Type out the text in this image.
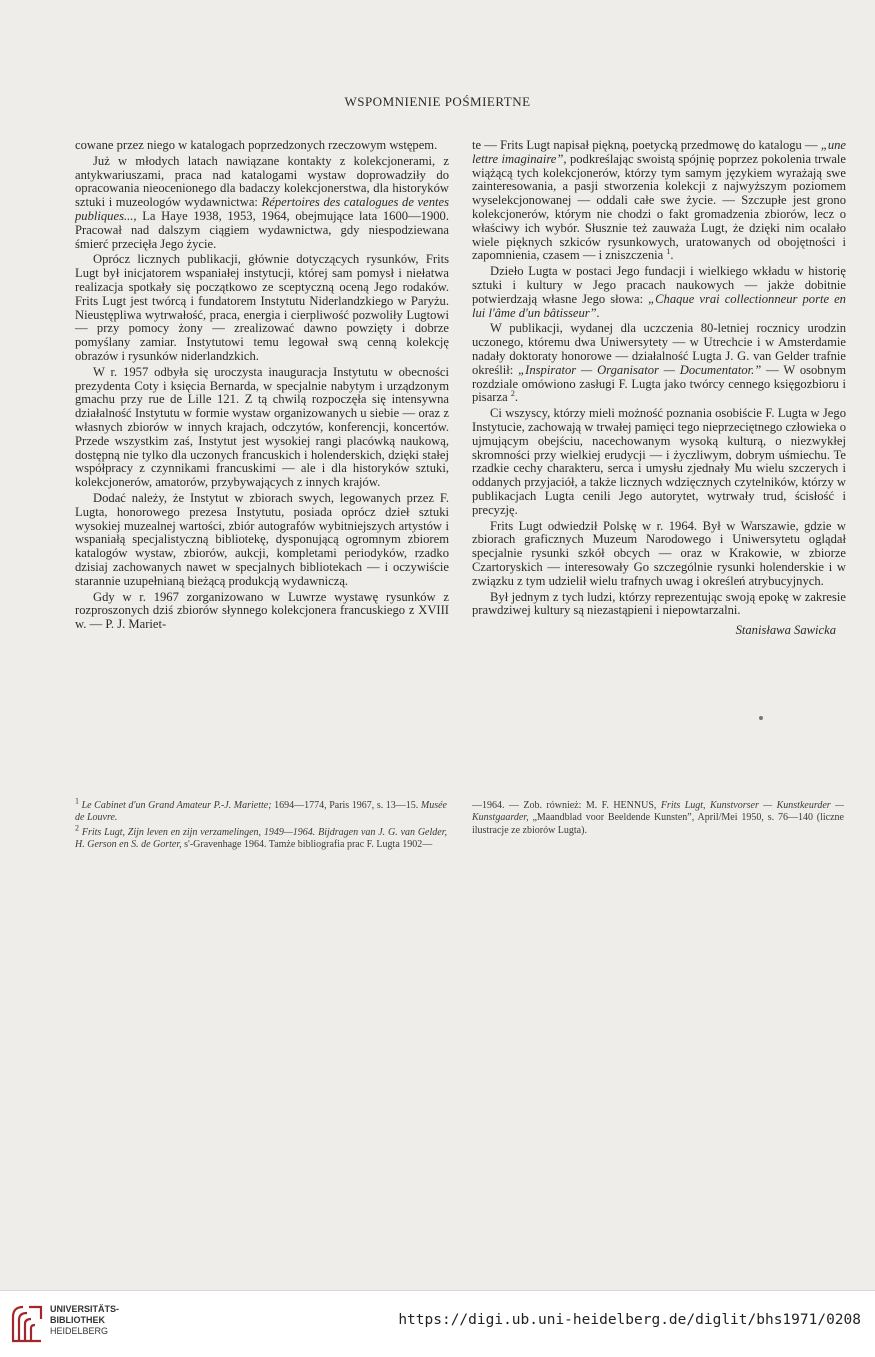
WSPOMNIENIE POŚMIERTNE

cowane przez niego w katalogach poprzedzonych rzeczowym wstępem.

Już w młodych latach nawiązane kontakty z kolekcjonerami, z antykwariuszami, praca nad katalogami wystaw doprowadziły do opracowania nieocenionego dla badaczy kolekcjonerstwa, dla historyków sztuki i muzeologów wydawnictwa: Répertoires des catalogues de ventes publiques..., La Haye 1938, 1953, 1964, obejmujące lata 1600—1900. Pracował nad dalszym ciągiem wydawnictwa, gdy niespodziewana śmierć przecięła Jego życie.

Oprócz licznych publikacji, głównie dotyczących rysunków, Frits Lugt był inicjatorem wspaniałej instytucji, której sam pomysł i niełatwa realizacja spotkały się początkowo ze sceptyczną oceną Jego rodaków. Frits Lugt jest twórcą i fundatorem Instytutu Niderlandzkiego w Paryżu. Nieustępliwa wytrwałość, praca, energia i cierpliwość pozwoliły Lugtowi — przy pomocy żony — zrealizować dawno powzięty i dobrze pomyślany zamiar. Instytutowi temu legował swą cenną kolekcję obrazów i rysunków niderlandzkich.

W r. 1957 odbyła się uroczysta inauguracja Instytutu w obecności prezydenta Coty i księcia Bernarda, w specjalnie nabytym i urządzonym gmachu przy rue de Lille 121. Z tą chwilą rozpoczęła się intensywna działalność Instytutu w formie wystaw organizowanych u siebie — oraz z własnych zbiorów w innych krajach, odczytów, konferencji, koncertów. Przede wszystkim zaś, Instytut jest wysokiej rangi placówką naukową, dostępną nie tylko dla uczonych francuskich i holenderskich, dzięki stałej współpracy z czynnikami francuskimi — ale i dla historyków sztuki, kolekcjonerów, amatorów, przybywających z innych krajów.

Dodać należy, że Instytut w zbiorach swych, legowanych przez F. Lugta, honorowego prezesa Instytutu, posiada oprócz dzieł sztuki wysokiej muzealnej wartości, zbiór autografów wybitniejszych artystów i wspaniałą specjalistyczną bibliotekę, dysponującą ogromnym zbiorem katalogów wystaw, zbiorów, aukcji, kompletami periodyków, rzadko dzisiaj zachowanych nawet w specjalnych bibliotekach — i oczywiście starannie uzupełnianą bieżącą produkcją wydawniczą.

Gdy w r. 1967 zorganizowano w Luwrze wystawę rysunków z rozproszonych dziś zbiorów słynnego kolekcjonera francuskiego z XVIII w. — P. J. Mariet-

te — Frits Lugt napisał piękną, poetycką przedmowę do katalogu — „une lettre imaginaire”, podkreślając swoistą spójnię poprzez pokolenia trwale wiążącą tych kolekcjonerów, którzy tym samym językiem wyrażają swe zainteresowania, a pasji stworzenia kolekcji z najwyższym poziomem wyselekcjonowanej — oddali całe swe życie. — Szczupłe jest grono kolekcjonerów, którym nie chodzi o fakt gromadzenia zbiorów, lecz o właściwy ich wybór. Słusznie też zauważa Lugt, że dzięki nim ocalało wiele pięknych szkiców rysunkowych, uratowanych od obojętności i zapomnienia, czasem — i zniszczenia $^1$.

Dzieło Lugta w postaci Jego fundacji i wielkiego wkładu w historię sztuki i kultury w Jego pracach naukowych — jakże dobitnie potwierdzają własne Jego słowa: „Chaque vrai collectionneur porte en lui l'âme d'un bâtisseur”.

W publikacji, wydanej dla uczczenia 80-letniej rocznicy urodzin uczonego, któremu dwa Uniwersytety — w Utrechcie i w Amsterdamie nadały doktoraty honorowe — działalność Lugta J. G. van Gelder trafnie określił: „Inspirator — Organisator — Documentator.” — W osobnym rozdziale omówiono zasługi F. Lugta jako twórcy cennego księgozbioru i pisarza $^2$.

Ci wszyscy, którzy mieli możność poznania osobiście F. Lugta w Jego Instytucie, zachowają w trwałej pamięci tego nieprzeciętnego człowieka o ujmującym obejściu, nacechowanym wysoką kulturą, o niezwykłej skromności przy wielkiej erudycji — i życzliwym, dobrym uśmiechu. Te rzadkie cechy charakteru, serca i umysłu zjednały Mu wielu szczerych i oddanych przyjaciół, a także licznych wdzięcznych czytelników, którzy w publikacjach Lugta cenili Jego autorytet, wytrwały trud, ścisłość i precyzję.

Frits Lugt odwiedził Polskę w r. 1964. Był w Warszawie, gdzie w zbiorach graficznych Muzeum Narodowego i Uniwersytetu oglądał specjalnie rysunki szkół obcych — oraz w Krakowie, w zbiorze Czartoryskich — interesowały Go szczególnie rysunki holenderskie i w związku z tym udzielił wielu trafnych uwag i określeń atrybucyjnych.

Był jednym z tych ludzi, którzy reprezentując swoją epokę w zakresie prawdziwej kultury są niezastąpieni i niepowtarzalni.

Stanisława Sawicka

$^1$ Le Cabinet d'un Grand Amateur P.-J. Mariette; 1694—1774, Paris 1967, s. 13—15. Musée de Louvre.

$^2$ Frits Lugt, Zijn leven en zijn verzamelingen, 1949—1964. Bijdragen van J. G. van Gelder, H. Gerson en S. de Gorter, s'-Gravenhage 1964. Tamże bibliografia prac F. Lugta 1902—

—1964. — Zob. również: M. F. HENNUS, Frits Lugt, Kunstvorser — Kunstkeurder — Kunstgaarder, „Maandblad voor Beeldende Kunsten”, April/Mei 1950, s. 76—140 (liczne ilustracje ze zbiorów Lugta).

UNIVERSITÄTS-
BIBLIOTHEK
HEIDELBERG
https://digi.ub.uni-heidelberg.de/diglit/bhs1971/0208
